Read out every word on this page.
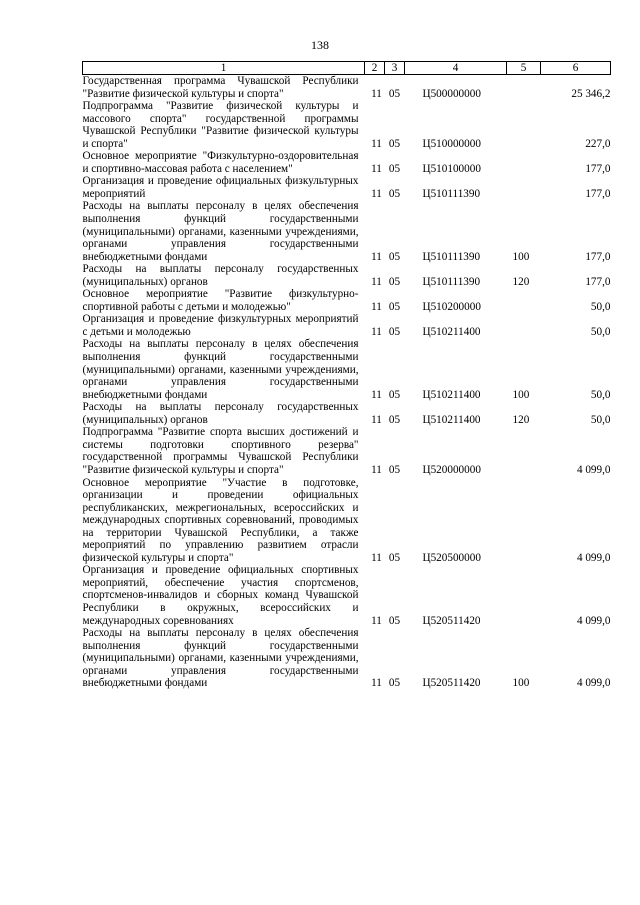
138
1	2	3	4	5	6
Государственная программа Чувашской Республики "Развитие физической культуры и спорта"	11	05	Ц500000000		25 346,2
Подпрограмма "Развитие физической культуры и массового спорта" государственной программы Чувашской Республики "Развитие физической культуры и спорта"	11	05	Ц510000000		227,0
Основное мероприятие "Физкультурно-оздоровительная и спортивно-массовая работа с населением"	11	05	Ц510100000		177,0
Организация и проведение официальных физкультурных мероприятий	11	05	Ц510111390		177,0
Расходы на выплаты персоналу в целях обеспечения выполнения функций государственными (муниципальными) органами, казенными учреждениями, органами управления государственными внебюджетными фондами	11	05	Ц510111390	100	177,0
Расходы на выплаты персоналу государственных (муниципальных) органов	11	05	Ц510111390	120	177,0
Основное мероприятие "Развитие физкультурно-спортивной работы с детьми и молодежью"	11	05	Ц510200000		50,0
Организация и проведение физкультурных мероприятий с детьми и молодежью	11	05	Ц510211400		50,0
Расходы на выплаты персоналу в целях обеспечения выполнения функций государственными (муниципальными) органами, казенными учреждениями, органами управления государственными внебюджетными фондами	11	05	Ц510211400	100	50,0
Расходы на выплаты персоналу государственных (муниципальных) органов	11	05	Ц510211400	120	50,0
Подпрограмма "Развитие спорта высших достижений и системы подготовки спортивного резерва" государственной программы Чувашской Республики "Развитие физической культуры и спорта"	11	05	Ц520000000		4 099,0
Основное мероприятие "Участие в подготовке, организации и проведении официальных республиканских, межрегиональных, всероссийских и международных спортивных соревнований, проводимых на территории Чувашской Республики, а также мероприятий по управлению развитием отрасли физической культуры и спорта"	11	05	Ц520500000		4 099,0
Организация и проведение официальных спортивных мероприятий, обеспечение участия спортсменов, спортсменов-инвалидов и сборных команд Чувашской Республики в окружных, всероссийских и международных соревнованиях	11	05	Ц520511420		4 099,0
Расходы на выплаты персоналу в целях обеспечения выполнения функций государственными (муниципальными) органами, казенными учреждениями, органами управления государственными внебюджетными фондами	11	05	Ц520511420	100	4 099,0
